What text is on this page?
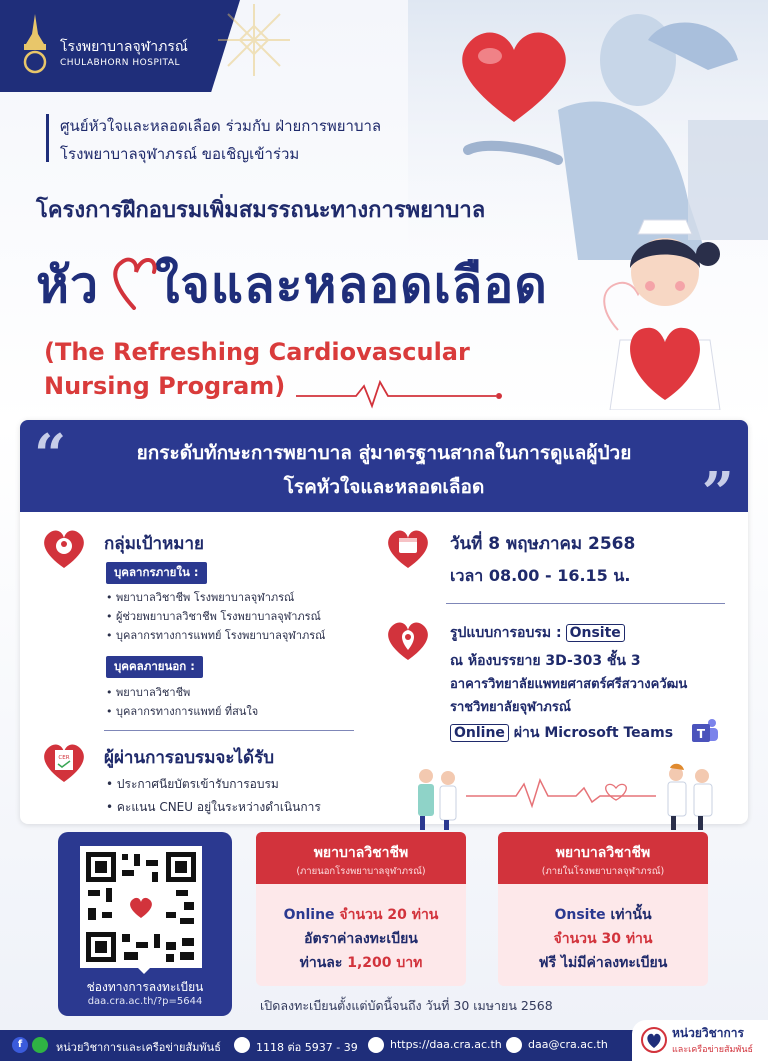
โรงพยาบาลจุฬาภรณ์
CHULABHORN HOSPITAL
ศูนย์หัวใจและหลอดเลือด ร่วมกับ ฝ่ายการพยาบาล
โรงพยาบาลจุฬาภรณ์ ขอเชิญเข้าร่วม
โครงการฝึกอบรมเพิ่มสมรรถนะทางการพยาบาล
หัว ใจและหลอดเลือด
(The Refreshing Cardiovascular
Nursing Program)
“	ยกระดับทักษะการพยาบาล สู่มาตรฐานสากลในการดูแลผู้ป่วย
โรคหัวใจและหลอดเลือด	”
กลุ่มเป้าหมาย
บุคลากรภายใน :
• พยาบาลวิชาชีพ โรงพยาบาลจุฬาภรณ์
• ผู้ช่วยพยาบาลวิชาชีพ โรงพยาบาลจุฬาภรณ์
• บุคลากรทางการแพทย์ โรงพยาบาลจุฬาภรณ์
บุคคลภายนอก :
• พยาบาลวิชาชีพ
• บุคลากรทางการแพทย์ ที่สนใจ
CER ผู้ผ่านการอบรมจะได้รับ
• ประกาศนียบัตรเข้ารับการอบรม
• คะแนน CNEU อยู่ในระหว่างดำเนินการ
วันที่ 8 พฤษภาคม 2568
เวลา 08.00 - 16.15 น.
รูปแบบการอบรม : Onsite
ณ ห้องบรรยาย 3D-303 ชั้น 3
อาคารวิทยาลัยแพทยศาสตร์ศรีสวางควัฒน
ราชวิทยาลัยจุฬาภรณ์
Online ผ่าน Microsoft Teams T
ช่องทางการลงทะเบียน
daa.cra.ac.th/?p=5644
พยาบาลวิชาชีพ
(ภายนอกโรงพยาบาลจุฬาภรณ์)
Online จำนวน 20 ท่าน
อัตราค่าลงทะเบียน
ท่านละ 1,200 บาท
พยาบาลวิชาชีพ
(ภายในโรงพยาบาลจุฬาภรณ์)
Onsite เท่านั้น
จำนวน 30 ท่าน
ฟรี ไม่มีค่าลงทะเบียน
เปิดลงทะเบียนตั้งแต่บัดนี้จนถึง วันที่ 30 เมษายน 2568
f	หน่วยวิชาการและเครือข่ายสัมพันธ์	1118 ต่อ 5937 - 39	https://daa.cra.ac.th daa@cra.ac.th
หน่วยวิชาการ
และเครือข่ายสัมพันธ์
